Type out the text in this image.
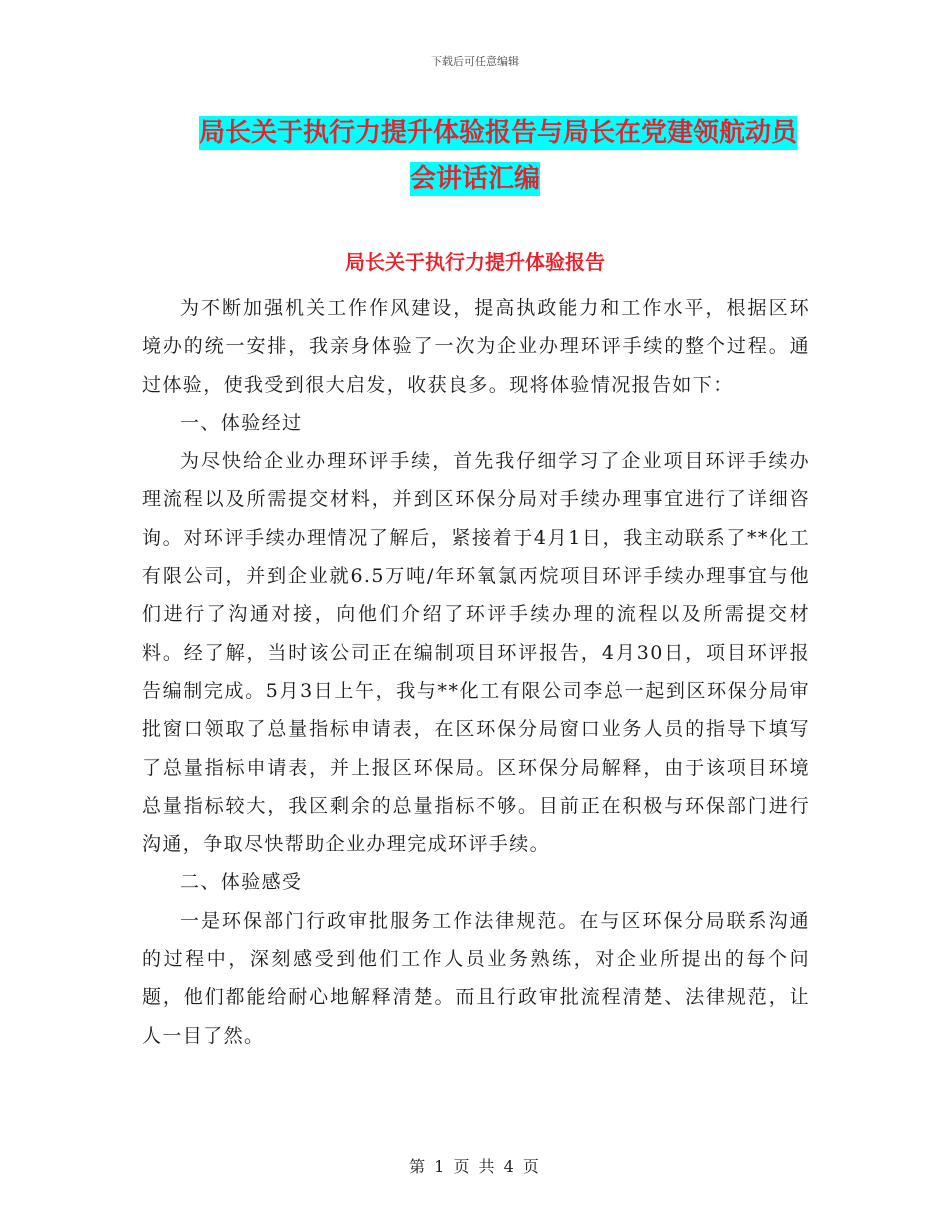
下载后可任意编辑
局长关于执行力提升体验报告与局长在党建领航动员
会讲话汇编
局长关于执行力提升体验报告

为不断加强机关工作作风建设，提高执政能力和工作水平，根据区环境办的统一安排，我亲身体验了一次为企业办理环评手续的整个过程。通过体验，使我受到很大启发，收获良多。现将体验情况报告如下：

一、体验经过

为尽快给企业办理环评手续，首先我仔细学习了企业项目环评手续办理流程以及所需提交材料，并到区环保分局对手续办理事宜进行了详细咨询。对环评手续办理情况了解后，紧接着于4月1日，我主动联系了**化工有限公司，并到企业就6.5万吨/年环氧氯丙烷项目环评手续办理事宜与他们进行了沟通对接，向他们介绍了环评手续办理的流程以及所需提交材料。经了解，当时该公司正在编制项目环评报告，4月30日，项目环评报告编制完成。5月3日上午，我与**化工有限公司李总一起到区环保分局审批窗口领取了总量指标申请表，在区环保分局窗口业务人员的指导下填写了总量指标申请表，并上报区环保局。区环保分局解释，由于该项目环境总量指标较大，我区剩余的总量指标不够。目前正在积极与环保部门进行沟通，争取尽快帮助企业办理完成环评手续。

二、体验感受

一是环保部门行政审批服务工作法律规范。在与区环保分局联系沟通的过程中，深刻感受到他们工作人员业务熟练，对企业所提出的每个问题，他们都能给耐心地解释清楚。而且行政审批流程清楚、法律规范，让人一目了然。

第 1 页 共 4 页
